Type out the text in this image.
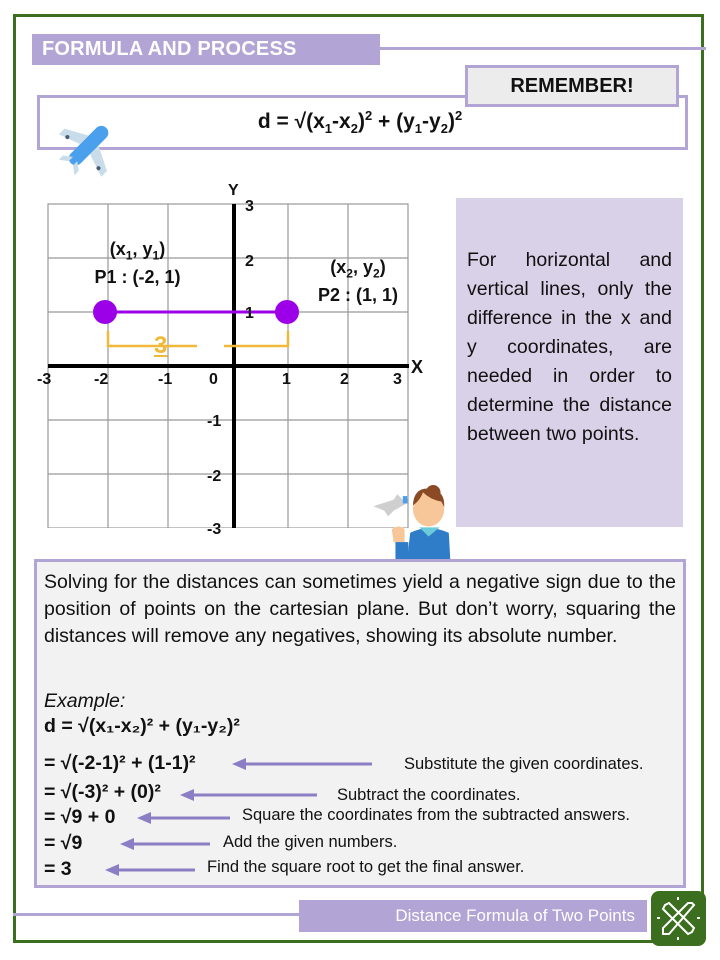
FORMULA AND PROCESS
$d = √(x_1-x_2)^2 + (y_1-y_2)^2$
REMEMBER!
3
Y
X
3
2
1
-1
-2
-3
-3	-2	-1 0	1	2	3
($x_1$, $y_1$)
P1 : (-2, 1)	($x_2$, $y_2$)
P2 : (1, 1)
For horizontal and vertical lines, only the difference in the x and y coordinates, are needed in order to determine the distance between two points.
Solving for the distances can sometimes yield a negative sign due to the position of points on the cartesian plane. But don’t worry, squaring the distances will remove any negatives, showing its absolute number.
Example:
d = √(x₁-x₂)² + (y₁-y₂)²
= √(-2-1)² + (1-1)²
= √(-3)² + (0)²
= √9 + 0
= √9
= 3
Substitute the given coordinates.
Subtract the coordinates.
Square the coordinates from the subtracted answers.
Add the given numbers.
Find the square root to get the final answer.
Distance Formula of Two Points
